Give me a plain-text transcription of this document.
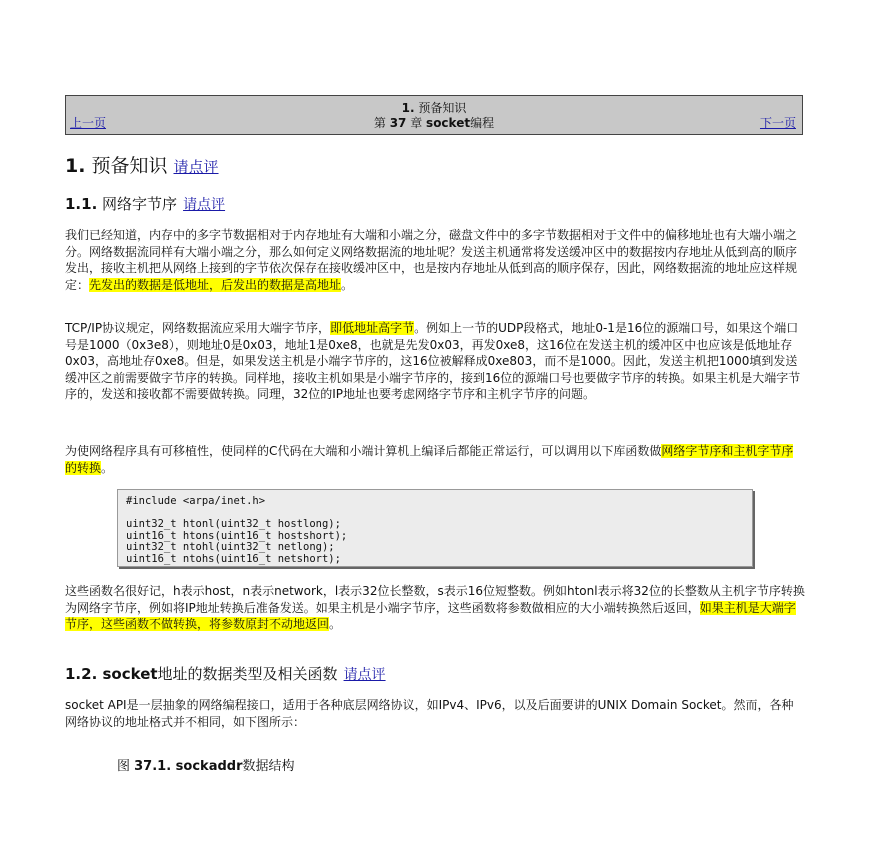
1. 预备知识
上一页	第 37 章 socket编程	下一页
1. 预备知识 请点评
1.1. 网络字节序 请点评

我们已经知道，内存中的多字节数据相对于内存地址有大端和小端之分，磁盘文件中的多字节数据相对于文件中的偏移地址也有大端小端之分。网络数据流同样有大端小端之分，那么如何定义网络数据流的地址呢？发送主机通常将发送缓冲区中的数据按内存地址从低到高的顺序发出，接收主机把从网络上接到的字节依次保存在接收缓冲区中，也是按内存地址从低到高的顺序保存，因此，网络数据流的地址应这样规定：先发出的数据是低地址，后发出的数据是高地址。

TCP/IP协议规定，网络数据流应采用大端字节序，即低地址高字节。例如上一节的UDP段格式，地址0-1是16位的源端口号，如果这个端口号是1000（0x3e8），则地址0是0x03，地址1是0xe8，也就是先发0x03，再发0xe8，这16位在发送主机的缓冲区中也应该是低地址存0x03，高地址存0xe8。但是，如果发送主机是小端字节序的，这16位被解释成0xe803，而不是1000。因此，发送主机把1000填到发送缓冲区之前需要做字节序的转换。同样地，接收主机如果是小端字节序的，接到16位的源端口号也要做字节序的转换。如果主机是大端字节序的，发送和接收都不需要做转换。同理，32位的IP地址也要考虑网络字节序和主机字节序的问题。

为使网络程序具有可移植性，使同样的C代码在大端和小端计算机上编译后都能正常运行，可以调用以下库函数做网络字节序和主机字节序的转换。

#include <arpa/inet.h>

uint32_t htonl(uint32_t hostlong);
uint16_t htons(uint16_t hostshort);
uint32_t ntohl(uint32_t netlong);
uint16_t ntohs(uint16_t netshort);

这些函数名很好记，h表示host，n表示network，l表示32位长整数，s表示16位短整数。例如htonl表示将32位的长整数从主机字节序转换为网络字节序，例如将IP地址转换后准备发送。如果主机是小端字节序，这些函数将参数做相应的大小端转换然后返回，如果主机是大端字节序，这些函数不做转换，将参数原封不动地返回。

1.2. socket地址的数据类型及相关函数 请点评

socket API是一层抽象的网络编程接口，适用于各种底层网络协议，如IPv4、IPv6，以及后面要讲的UNIX Domain Socket。然而，各种网络协议的地址格式并不相同，如下图所示：

图 37.1. sockaddr数据结构
